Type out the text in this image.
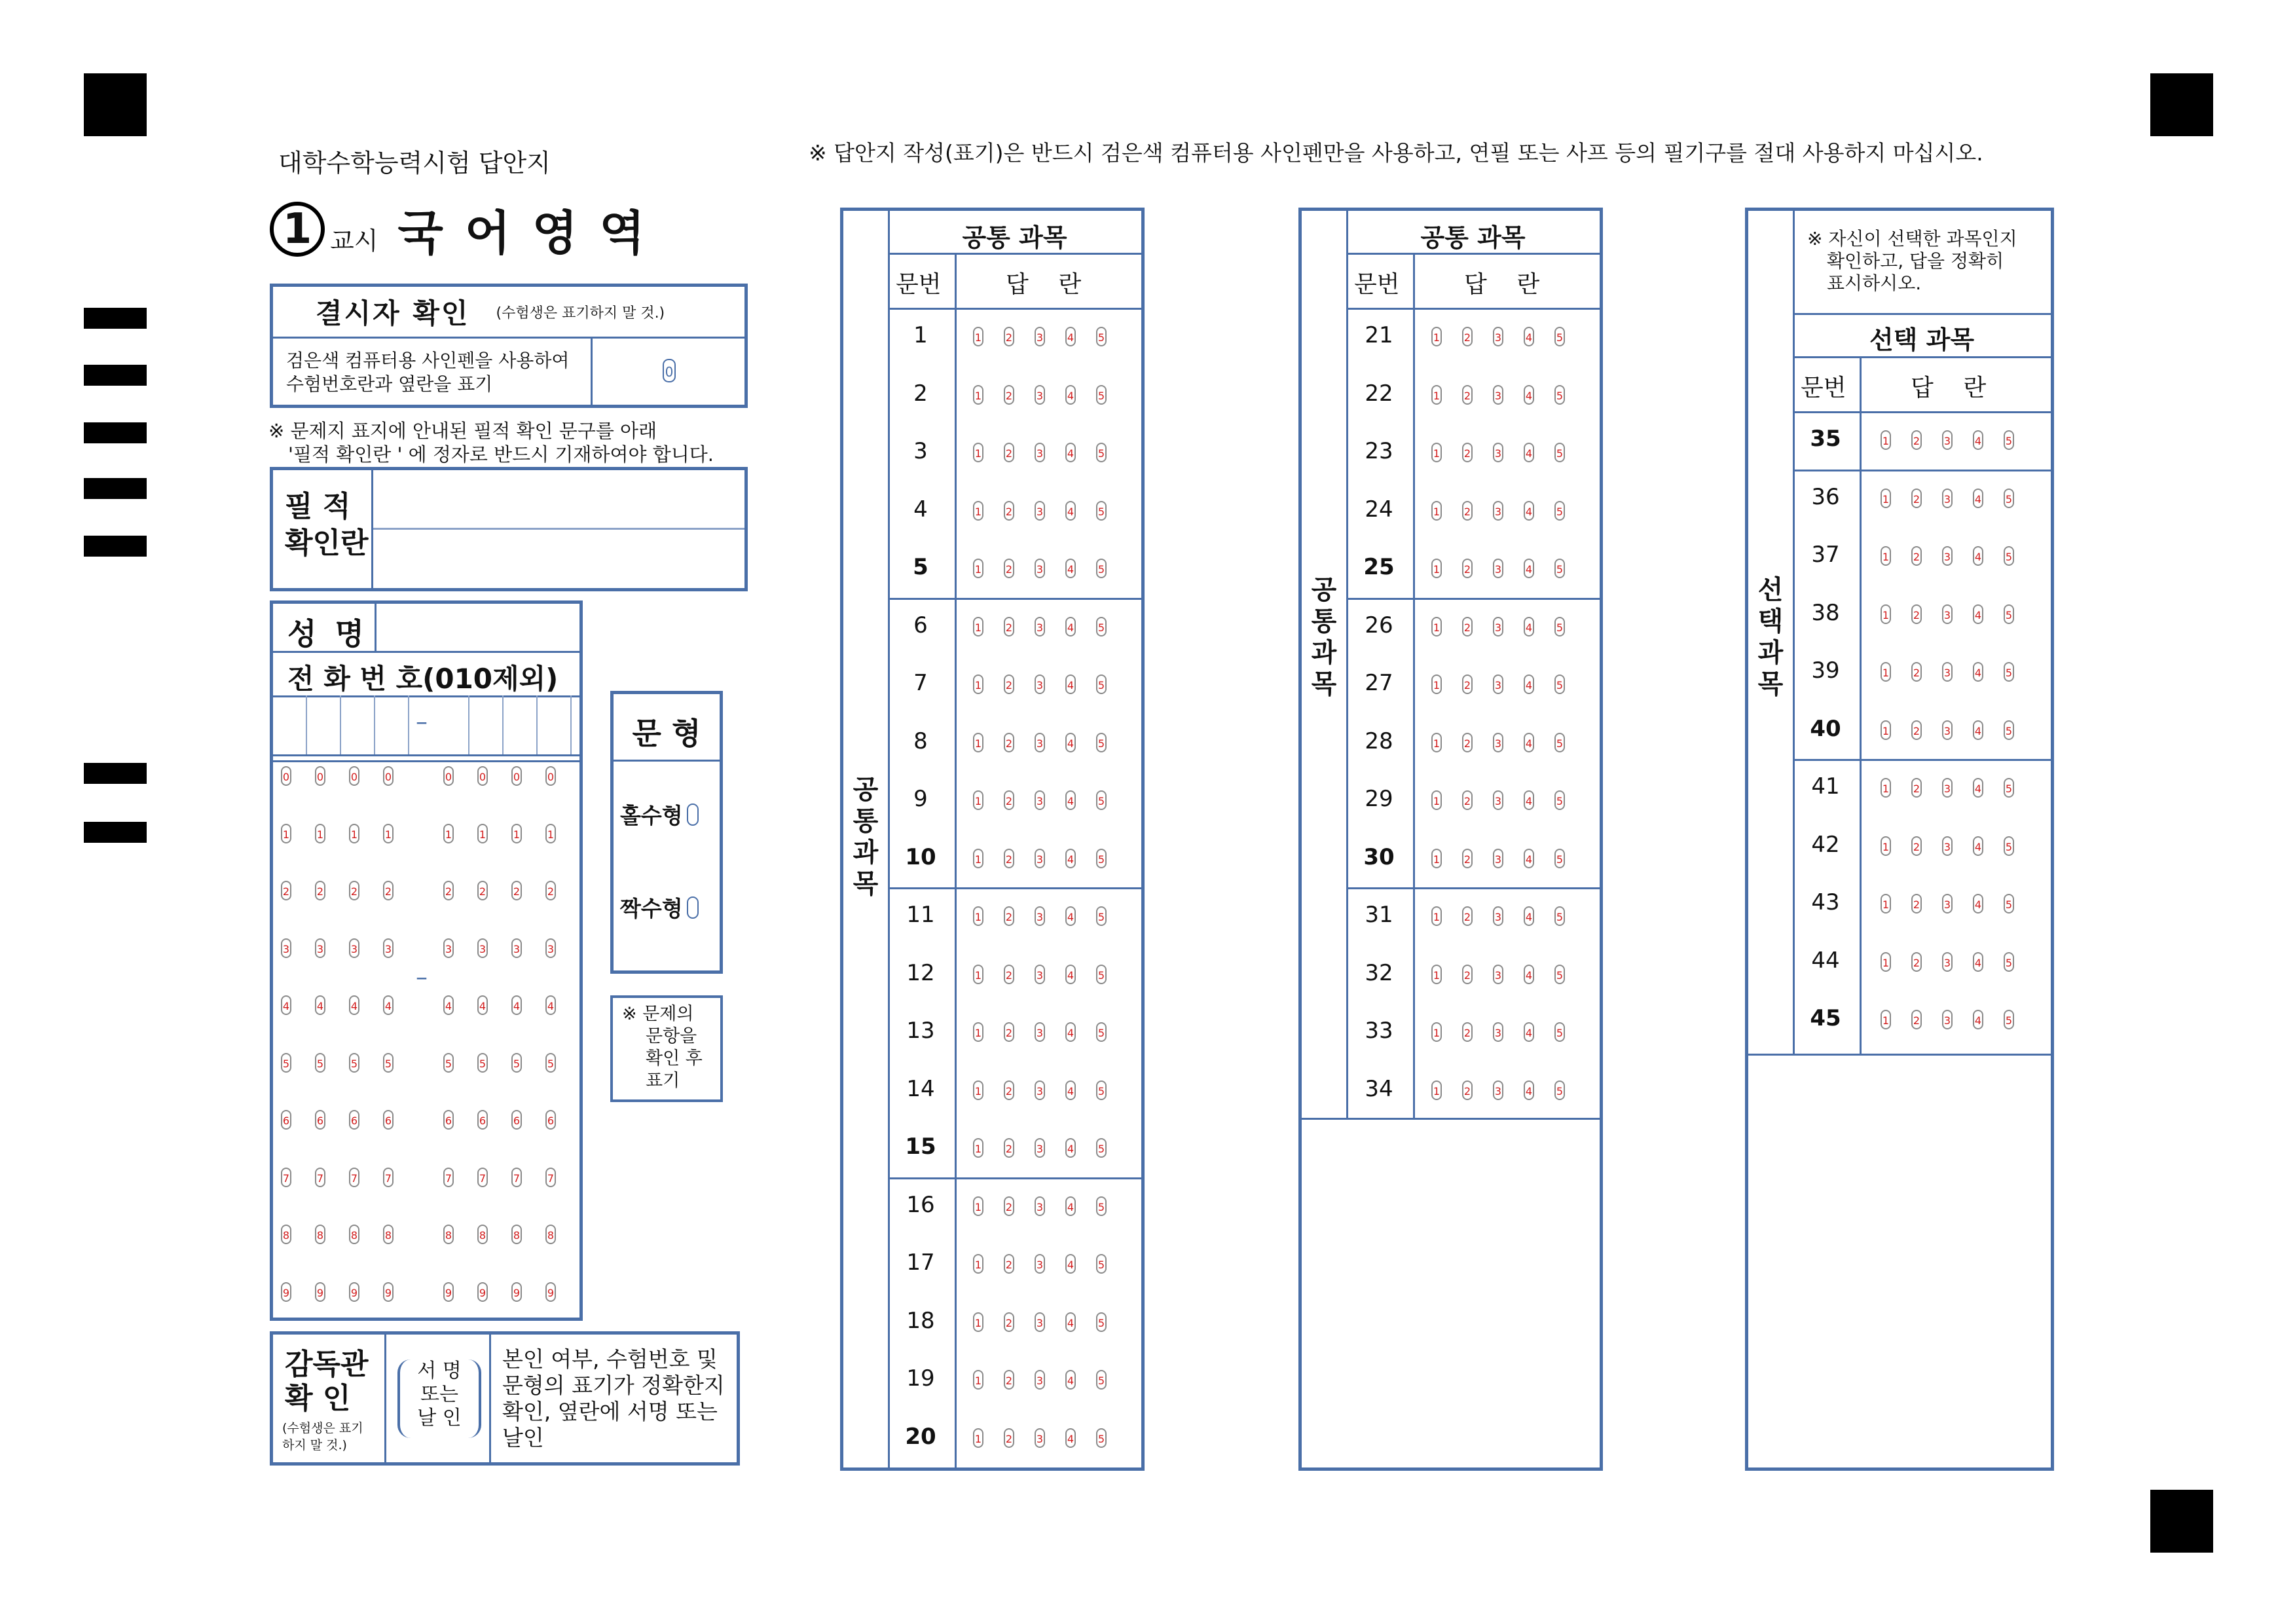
대학수학능력시험 답안지	※ 답안지 작성(표기)은 반드시 검은색 컴퓨터용 사인펜만을 사용하고, 연필 또는 사프 등의 필기구를 절대 사용하지 마십시오.
1 교시 국 어 영 역
결시자 확인 (수험생은 표기하지 말 것.)
검은색 컴퓨터용 사인펜을 사용하여
수험번호란과 옆란을 표기
0
※ 문제지 표지에 안내된 필적 확인 문구를 아래
'필적 확인란 ' 에 정자로 반드시 기재하여야 합니다.
필 적
확인란
성 명
전 화 번 호(010제외)
–
–
0	0	0	0	0	0	0	0
1	1	1	1	1	1	1	1
2	2	2	2	2	2	2	2
3	3	3	3	3	3	3	3
4	4	4	4	4	4	4	4
5	5	5	5	5	5	5	5
6	6	6	6	6	6	6	6
7	7	7	7	7	7	7	7
8	8	8	8	8	8	8	8
9	9	9	9	9	9	9	9
문 형
홀수형
짝수형
※ 문제의
문항을
확인 후
표기
감독관
확 인
(수험생은 표기
하지 말 것.)
서 명
또는
날 인
본인 여부, 수험번호 및
문형의 표기가 정확한지
확인, 옆란에 서명 또는
날인
공
통
과
목
공통 과목
문번	답    란
1	1 2 3 4 5
2	1 2 3 4 5
3	1 2 3 4 5
4	1 2 3 4 5
5	1 2 3 4 5
6	1 2 3 4 5
7	1 2 3 4 5
8	1 2 3 4 5
9	1 2 3 4 5
10	1 2 3 4 5
11	1 2 3 4 5
12	1 2 3 4 5
13	1 2 3 4 5
14	1 2 3 4 5
15	1 2 3 4 5
16	1 2 3 4 5
17	1 2 3 4 5
18	1 2 3 4 5
19	1 2 3 4 5
20	1 2 3 4 5
공
통
과
목
공통 과목
문번	답    란
21	1 2 3 4 5
22	1 2 3 4 5
23	1 2 3 4 5
24	1 2 3 4 5
25	1 2 3 4 5
26	1 2 3 4 5
27	1 2 3 4 5
28	1 2 3 4 5
29	1 2 3 4 5
30	1 2 3 4 5
31	1 2 3 4 5
32	1 2 3 4 5
33	1 2 3 4 5
34	1 2 3 4 5
선
택
과
목
※ 자신이 선택한 과목인지
확인하고, 답을 정확히
표시하시오.
선택 과목
문번	답    란
35	1 2 3 4 5
36	1 2 3 4 5
37	1 2 3 4 5
38	1 2 3 4 5
39	1 2 3 4 5
40	1 2 3 4 5
41	1 2 3 4 5
42	1 2 3 4 5
43	1 2 3 4 5
44	1 2 3 4 5
45	1 2 3 4 5
